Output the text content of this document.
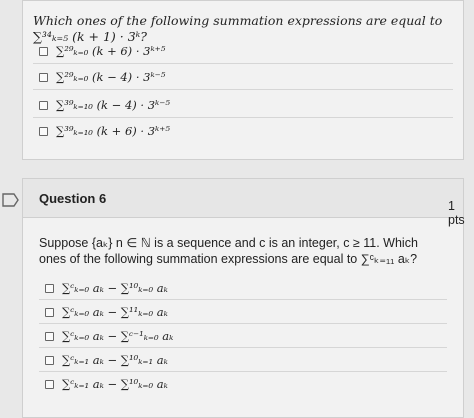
Which ones of the following summation expressions are equal to ∑³⁴ₖ₌₅ (k + 1) · 3ᵏ?
∑²⁹ₖ₌₀ (k + 6) · 3ᵏ⁺⁵
∑²⁹ₖ₌₀ (k − 4) · 3ᵏ⁻⁵
∑³⁹ₖ₌₁₀ (k − 4) · 3ᵏ⁻⁵
∑³⁹ₖ₌₁₀ (k + 6) · 3ᵏ⁺⁵
Question 6
Suppose {aₖ} n ∈ ℕ is a sequence and c is an integer, c ≥ 11. Which ones of the following summation expressions are equal to ∑ᶜₖ₌₁₁ aₖ?
∑ᶜₖ₌₀ aₖ − ∑¹⁰ₖ₌₀ aₖ
∑ᶜₖ₌₀ aₖ − ∑¹¹ₖ₌₀ aₖ
∑ᶜₖ₌₀ aₖ − ∑ᶜ⁻¹ₖ₌₀ aₖ
∑ᶜₖ₌₁ aₖ − ∑¹⁰ₖ₌₁ aₖ
∑ᶜₖ₌₁ aₖ − ∑¹⁰ₖ₌₀ aₖ
1 pts
